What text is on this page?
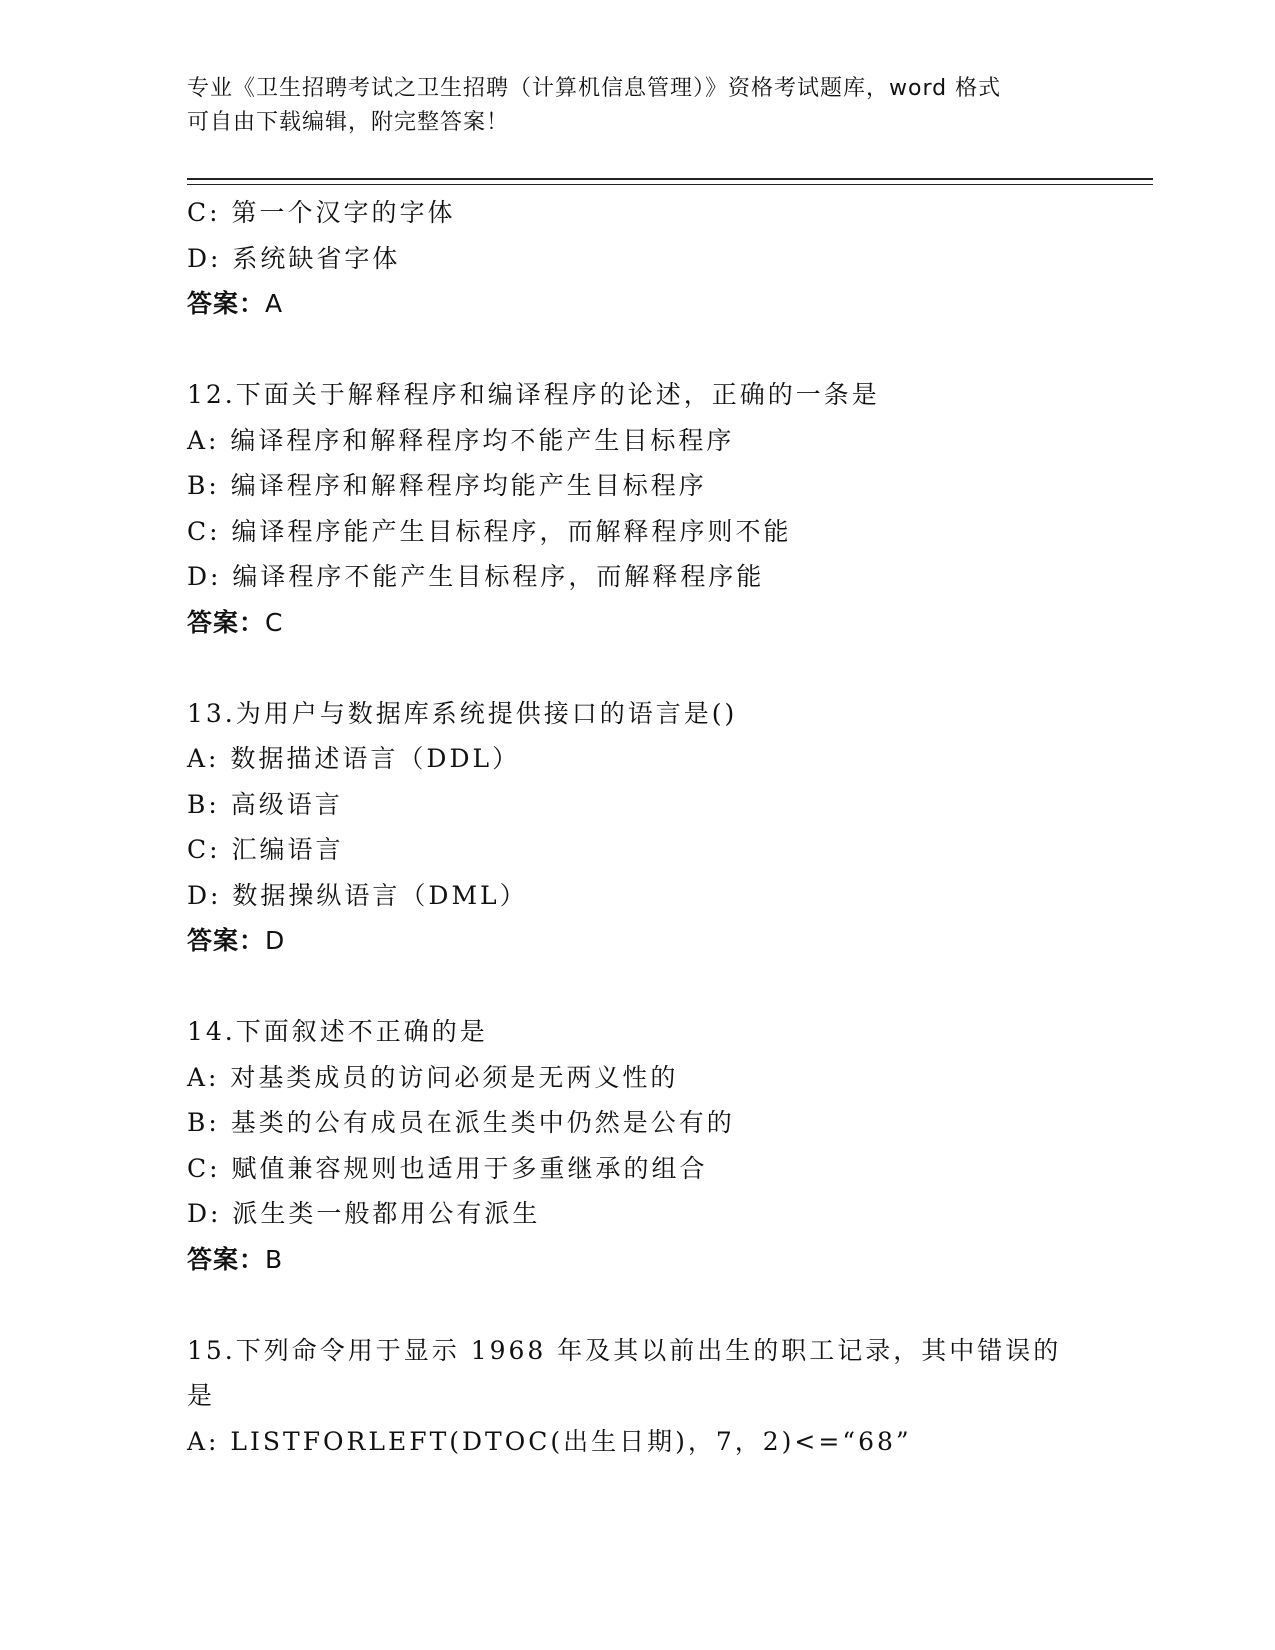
专业《卫生招聘考试之卫生招聘（计算机信息管理）》资格考试题库，word 格式
可自由下载编辑，附完整答案！
C: 第一个汉字的字体
D: 系统缺省字体
答案：A
12.下面关于解释程序和编译程序的论述，正确的一条是
A: 编译程序和解释程序均不能产生目标程序
B: 编译程序和解释程序均能产生目标程序
C: 编译程序能产生目标程序，而解释程序则不能
D: 编译程序不能产生目标程序，而解释程序能
答案：C
13.为用户与数据库系统提供接口的语言是()
A: 数据描述语言（DDL）
B: 高级语言
C: 汇编语言
D: 数据操纵语言（DML）
答案：D
14.下面叙述不正确的是
A: 对基类成员的访问必须是无两义性的
B: 基类的公有成员在派生类中仍然是公有的
C: 赋值兼容规则也适用于多重继承的组合
D: 派生类一般都用公有派生
答案：B
15.下列命令用于显示 1968 年及其以前出生的职工记录，其中错误的
是
A: LISTFORLEFT(DTOC(出生日期)，7，2)<=“68”
